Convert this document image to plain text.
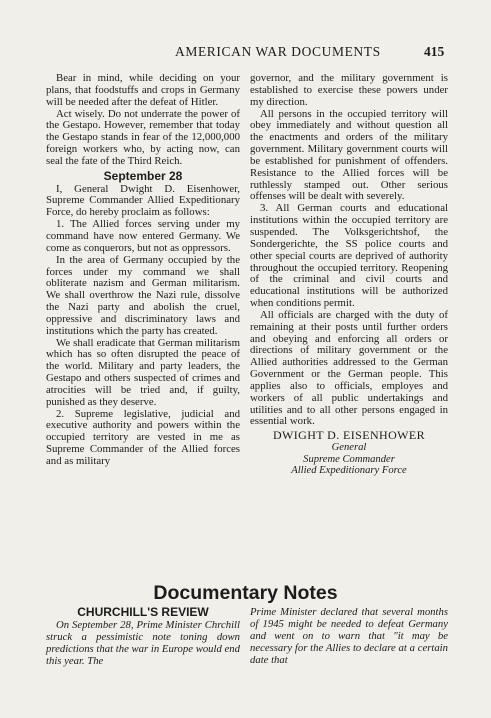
AMERICAN WAR DOCUMENTS	415

Bear in mind, while deciding on your plans, that foodstuffs and crops in Germany will be needed after the defeat of Hitler.

Act wisely. Do not underrate the power of the Gestapo. However, remember that today the Gestapo stands in fear of the 12,000,000 foreign workers who, by acting now, can seal the fate of the Third Reich.

September 28

I, General Dwight D. Eisenhower, Supreme Commander Allied Expeditionary Force, do hereby proclaim as follows:

1. The Allied forces serving under my command have now entered Germany. We come as conquerors, but not as oppressors.

In the area of Germany occupied by the forces under my command we shall obliterate nazism and German militarism. We shall overthrow the Nazi rule, dissolve the Nazi party and abolish the cruel, oppressive and discriminatory laws and institutions which the party has created.

We shall eradicate that German militarism which has so often disrupted the peace of the world. Military and party leaders, the Gestapo and others suspected of crimes and atrocities will be tried and, if guilty, punished as they deserve.

2. Supreme legislative, judicial and executive authority and powers within the occupied territory are vested in me as Supreme Commander of the Allied forces and as military

governor, and the military government is established to exercise these powers under my direction.

All persons in the occupied territory will obey immediately and without question all the enactments and orders of the military government. Military government courts will be established for punishment of offenders. Resistance to the Allied forces will be ruthlessly stamped out. Other serious offenses will be dealt with severely.

3. All German courts and educational institutions within the occupied territory are suspended. The Volksgerichtshof, the Sondergerichte, the SS police courts and other special courts are deprived of authority throughout the occupied territory. Reopening of the criminal and civil courts and educational institutions will be authorized when conditions permit.

All officials are charged with the duty of remaining at their posts until further orders and obeying and enforcing all orders or directions of military government or the Allied authorities addressed to the German Government or the German people. This applies also to officials, employes and workers of all public undertakings and utilities and to all other persons engaged in essential work.

DWIGHT D. EISENHOWER
General
Supreme Commander
Allied Expeditionary Force
Documentary Notes
CHURCHILL'S REVIEW

On September 28, Prime Minister Chrchill struck a pessimistic note toning down predictions that the war in Europe would end this year. The

Prime Minister declared that several months of 1945 might be needed to defeat Germany and went on to warn that "it may be necessary for the Allies to declare at a certain date that
